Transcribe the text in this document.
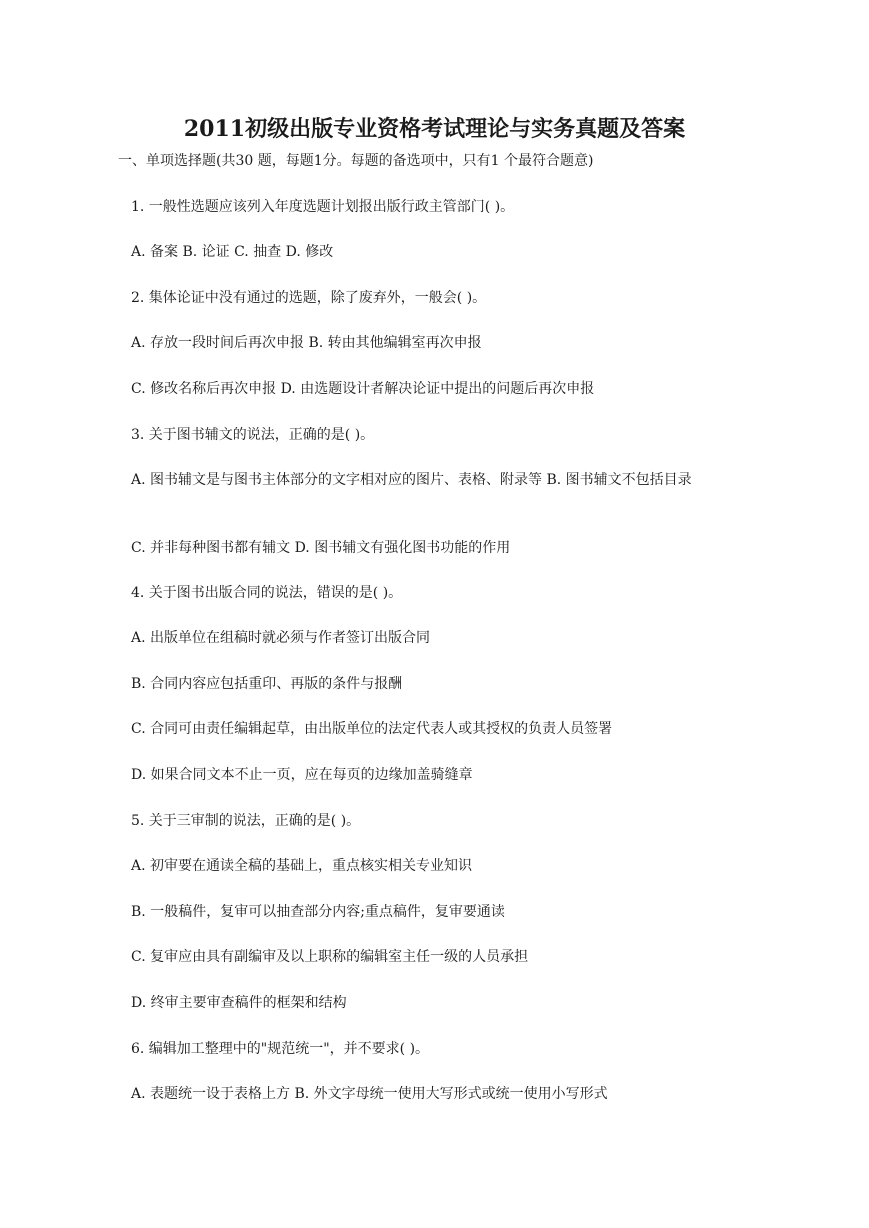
2011初级出版专业资格考试理论与实务真题及答案
一、单项选择题(共30 题，每题1分。每题的备选项中，只有1 个最符合题意)
1. 一般性选题应该列入年度选题计划报出版行政主管部门( )。
A. 备案 B. 论证 C. 抽查 D. 修改
2. 集体论证中没有通过的选题，除了废弃外，一般会( )。
A. 存放一段时间后再次申报 B. 转由其他编辑室再次申报
C. 修改名称后再次申报 D. 由选题设计者解决论证中提出的问题后再次申报
3. 关于图书辅文的说法，正确的是( )。
A. 图书辅文是与图书主体部分的文字相对应的图片、表格、附录等 B. 图书辅文不包括目录
C. 并非每种图书都有辅文 D. 图书辅文有强化图书功能的作用
4. 关于图书出版合同的说法，错误的是( )。
A. 出版单位在组稿时就必须与作者签订出版合同
B. 合同内容应包括重印、再版的条件与报酬
C. 合同可由责任编辑起草，由出版单位的法定代表人或其授权的负责人员签署
D. 如果合同文本不止一页，应在每页的边缘加盖骑缝章
5. 关于三审制的说法，正确的是( )。
A. 初审要在通读全稿的基础上，重点核实相关专业知识
B. 一般稿件，复审可以抽查部分内容;重点稿件，复审要通读
C. 复审应由具有副编审及以上职称的编辑室主任一级的人员承担
D. 终审主要审查稿件的框架和结构
6. 编辑加工整理中的"规范统一"，并不要求( )。
A. 表题统一设于表格上方 B. 外文字母统一使用大写形式或统一使用小写形式
